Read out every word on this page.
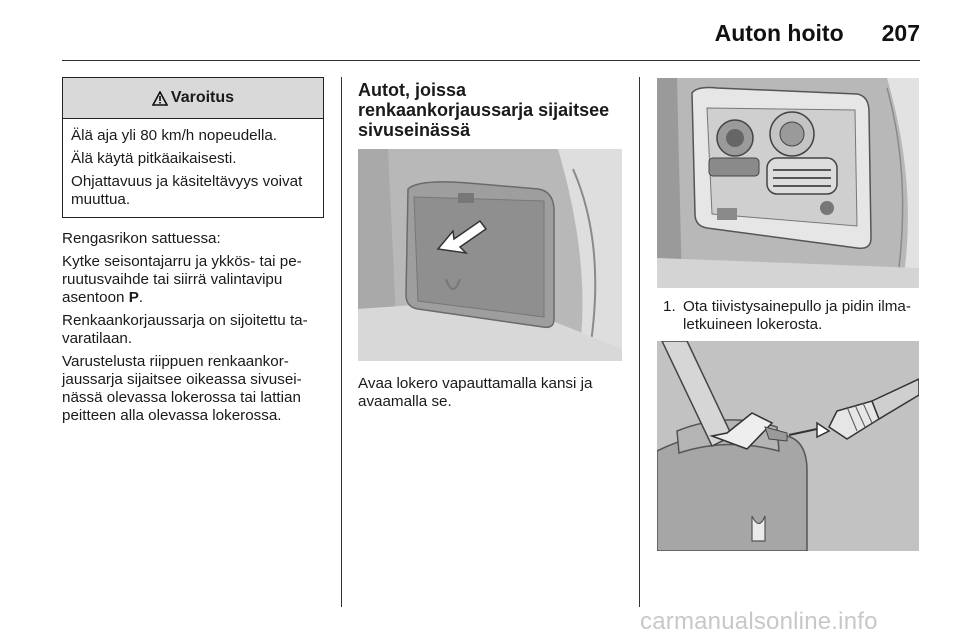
Auton hoito 207
Varoitus

Älä aja yli 80 km/h nopeudella.

Älä käytä pitkäaikaisesti.

Ohjattavuus ja käsiteltävyys voivat muuttua.

Rengasrikon sattuessa:

Kytke seisontajarru ja ykkös- tai pe- ruutusvaihde tai siirrä valintavipu asentoon P.

Renkaankorjaussarja on sijoitettu ta- varatilaan.

Varustelusta riippuen renkaankor- jaussarja sijaitsee oikeassa sivusei- nässä olevassa lokerossa tai lattian peitteen alla olevassa lokerossa.

Autot, joissa renkaankorjaussarja sijaitsee sivuseinässä

Avaa lokero vapauttamalla kansi ja avaamalla se.

1. Ota tiivistysainepullo ja pidin ilma- letkuineen lokerosta.
carmanualsonline.info
